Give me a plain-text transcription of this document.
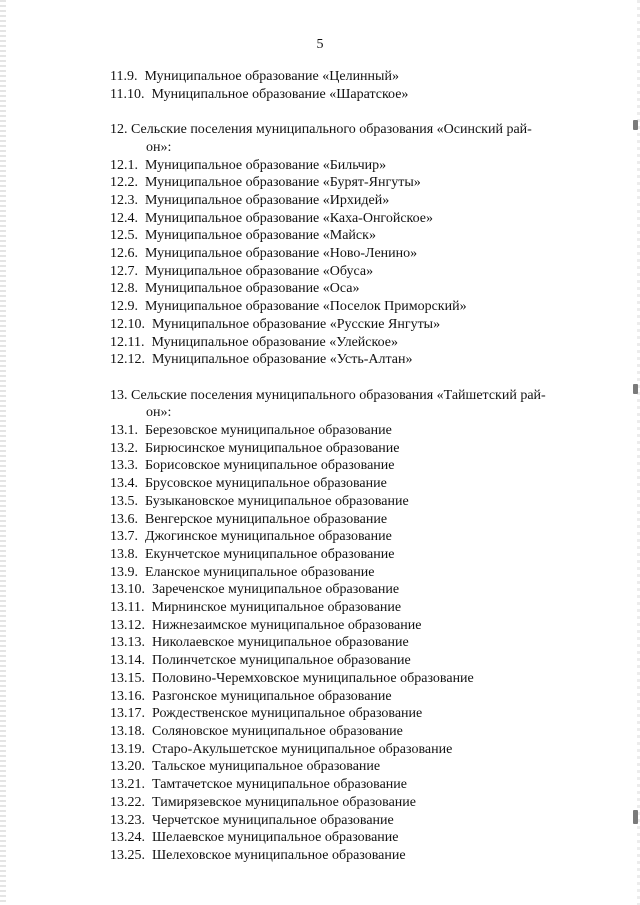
5
11.9. Муниципальное образование «Целинный»
11.10. Муниципальное образование «Шаратское»
12. Сельские поселения муниципального образования «Осинский рай-
он»:
12.1. Муниципальное образование «Бильчир»
12.2. Муниципальное образование «Бурят-Янгуты»
12.3. Муниципальное образование «Ирхидей»
12.4. Муниципальное образование «Каха-Онгойское»
12.5. Муниципальное образование «Майск»
12.6. Муниципальное образование «Ново-Ленино»
12.7. Муниципальное образование «Обуса»
12.8. Муниципальное образование «Оса»
12.9. Муниципальное образование «Поселок Приморский»
12.10. Муниципальное образование «Русские Янгуты»
12.11. Муниципальное образование «Улейское»
12.12. Муниципальное образование «Усть-Алтан»
13. Сельские поселения муниципального образования «Тайшетский рай-
он»:
13.1. Березовское муниципальное образование
13.2. Бирюсинское муниципальное образование
13.3. Борисовское муниципальное образование
13.4. Брусовское муниципальное образование
13.5. Бузыкановское муниципальное образование
13.6. Венгерское муниципальное образование
13.7. Джогинское муниципальное образование
13.8. Екунчетское муниципальное образование
13.9. Еланское муниципальное образование
13.10. Зареченское муниципальное образование
13.11. Мирнинское муниципальное образование
13.12. Нижнезаимское муниципальное образование
13.13. Николаевское муниципальное образование
13.14. Полинчетское муниципальное образование
13.15. Половино-Черемховское муниципальное образование
13.16. Разгонское муниципальное образование
13.17. Рождественское муниципальное образование
13.18. Соляновское муниципальное образование
13.19. Старо-Акульшетское муниципальное образование
13.20. Тальское муниципальное образование
13.21. Тамтачетское муниципальное образование
13.22. Тимирязевское муниципальное образование
13.23. Черчетское муниципальное образование
13.24. Шелаевское муниципальное образование
13.25. Шелеховское муниципальное образование
